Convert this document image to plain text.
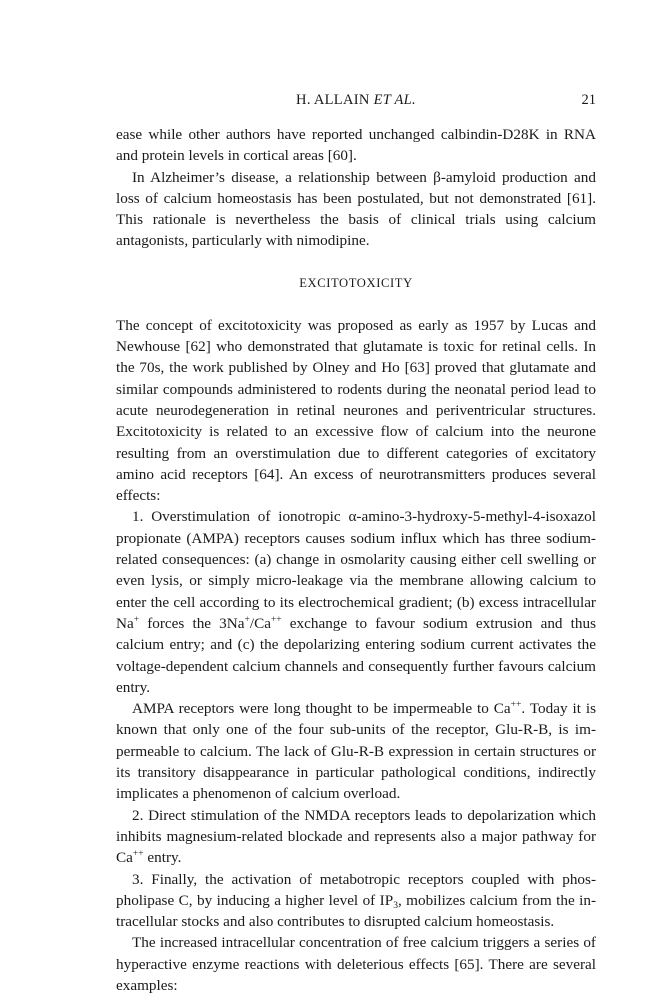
H. ALLAIN ET AL.	21

ease while other authors have reported unchanged calbindin-D28K in RNA and protein levels in cortical areas [60].

In Alzheimer’s disease, a relationship between β-amyloid production and loss of calcium homeostasis has been postulated, but not demonstrated [61]. This rationale is nevertheless the basis of clinical trials using calcium antagonists, particularly with nimodipine.

EXCITOTOXICITY

The concept of excitotoxicity was proposed as early as 1957 by Lucas and Newhouse [62] who demonstrated that glutamate is toxic for retinal cells. In the 70s, the work published by Olney and Ho [63] proved that glutamate and similar compounds administered to rodents during the neonatal period lead to acute neurodegeneration in retinal neurones and periventricular structures. Excitotoxicity is related to an excessive flow of calcium into the neurone resulting from an overstimulation due to different categories of excitatory amino acid receptors [64]. An excess of neurotransmitters produces several effects:

1. Overstimulation of ionotropic α-amino-3-hydroxy-5-methyl-4-isoxazol propionate (AMPA) receptors causes sodium influx which has three sodium-related consequences: (a) change in osmolarity causing either cell swelling or even lysis, or simply micro-leakage via the membrane allowing calcium to enter the cell according to its electrochemical gradient; (b) excess intracellular Na+ forces the 3Na+/Ca++ exchange to favour sodium extrusion and thus calcium entry; and (c) the depolarizing entering sodium current activates the voltage-dependent calcium channels and consequently further favours calcium entry.

AMPA receptors were long thought to be impermeable to Ca++. Today it is known that only one of the four sub-units of the receptor, Glu-R-B, is impermeable to calcium. The lack of Glu-R-B expression in certain structures or its transitory disappearance in particular pathological conditions, indirectly implicates a phenomenon of calcium overload.

2. Direct stimulation of the NMDA receptors leads to depolarization which inhibits magnesium-related blockade and represents also a major pathway for Ca++ entry.

3. Finally, the activation of metabotropic receptors coupled with phospholipase C, by inducing a higher level of $IP_3$, mobilizes calcium from the intracellular stocks and also contributes to disrupted calcium homeostasis.

The increased intracellular concentration of free calcium triggers a series of hyperactive enzyme reactions with deleterious effects [65]. There are several examples:
